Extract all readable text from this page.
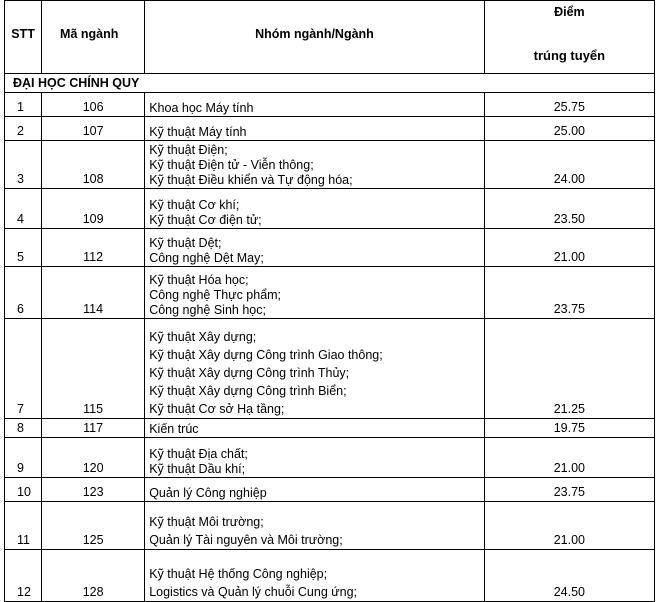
STT	Mã ngành	Nhóm ngành/Ngành	Điểm
trúng tuyển

ĐẠI HỌC CHÍNH QUY			
1	106	Khoa học Máy tính	25.75
2	107	Kỹ thuật Máy tính	25.00
3	108	Kỹ thuật Điện;
Kỹ thuật Điện tử - Viễn thông;
Kỹ thuật Điều khiển và Tự động hóa;	24.00
4	109	Kỹ thuật Cơ khí;
Kỹ thuật Cơ điện tử;	23.50
5	112	Kỹ thuật Dệt;
Công nghệ Dệt May;	21.00
6	114	Kỹ thuật Hóa học;
Công nghệ Thực phẩm;
Công nghệ Sinh học;	23.75
7	115	Kỹ thuật Xây dựng;
Kỹ thuật Xây dựng Công trình Giao thông;
Kỹ thuật Xây dựng Công trình Thủy;
Kỹ thuật Xây dựng Công trình Biển;
Kỹ thuật Cơ sở Hạ tầng;	21.25
8	117	Kiến trúc	19.75
9	120	Kỹ thuật Địa chất;
Kỹ thuật Dầu khí;	21.00
10	123	Quản lý Công nghiệp	23.75
11	125	Kỹ thuật Môi trường;
Quản lý Tài nguyên và Môi trường;	21.00
12	128	Kỹ thuật Hệ thống Công nghiệp;
Logistics và Quản lý chuỗi Cung ứng;	24.50
